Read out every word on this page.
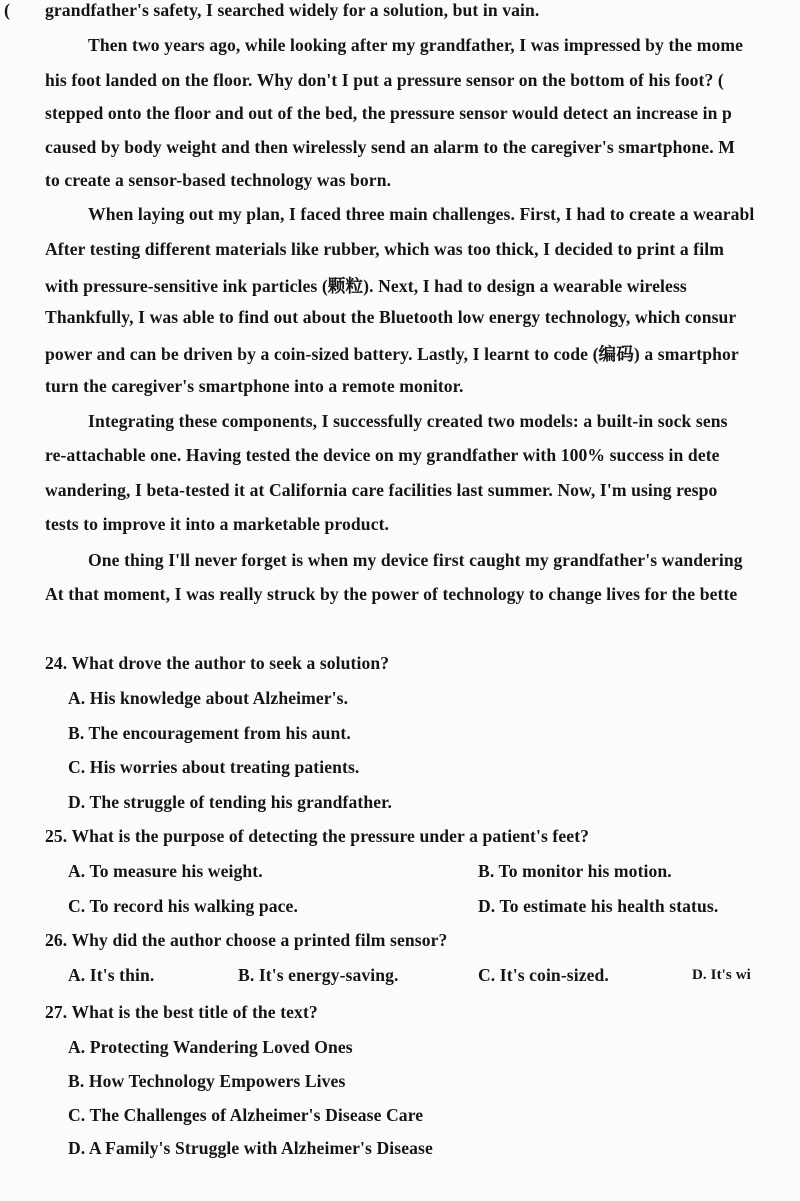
( grandfather's safety, I searched widely for a solution, but in vain.
Then two years ago, while looking after my grandfather, I was impressed by the mome
his foot landed on the floor. Why don't I put a pressure sensor on the bottom of his foot? (
stepped onto the floor and out of the bed, the pressure sensor would detect an increase in p
caused by body weight and then wirelessly send an alarm to the caregiver's smartphone. M
to create a sensor-based technology was born.
When laying out my plan, I faced three main challenges. First, I had to create a wearabl
After testing different materials like rubber, which was too thick, I decided to print a film
with pressure-sensitive ink particles (颗粒). Next, I had to design a wearable wireless
Thankfully, I was able to find out about the Bluetooth low energy technology, which consur
power and can be driven by a coin-sized battery. Lastly, I learnt to code (编码) a smartphor
turn the caregiver's smartphone into a remote monitor.
Integrating these components, I successfully created two models: a built-in sock sens
re-attachable one. Having tested the device on my grandfather with 100% success in dete
wandering, I beta-tested it at California care facilities last summer. Now, I'm using respo
tests to improve it into a marketable product.
One thing I'll never forget is when my device first caught my grandfather's wandering
At that moment, I was really struck by the power of technology to change lives for the bette
24. What drove the author to seek a solution?
A. His knowledge about Alzheimer's.
B. The encouragement from his aunt.
C. His worries about treating patients.
D. The struggle of tending his grandfather.
25. What is the purpose of detecting the pressure under a patient's feet?
A. To measure his weight.	B. To monitor his motion.
C. To record his walking pace.	D. To estimate his health status.
26. Why did the author choose a printed film sensor?
A. It's thin.	B. It's energy-saving.	C. It's coin-sized.	D. It's wi
27. What is the best title of the text?
A. Protecting Wandering Loved Ones
B. How Technology Empowers Lives
C. The Challenges of Alzheimer's Disease Care
D. A Family's Struggle with Alzheimer's Disease
